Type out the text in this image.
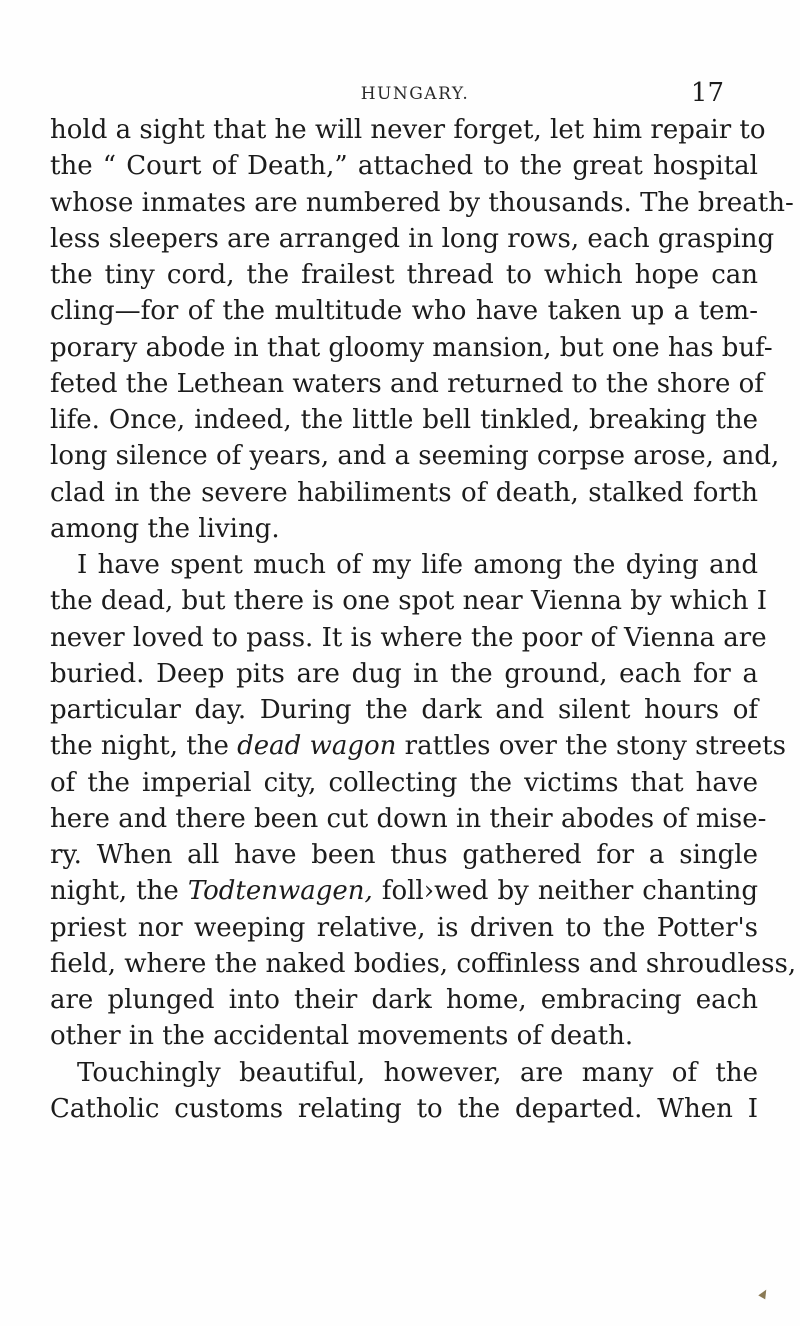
HUNGARY.	17
hold a sight that he will never forget, let him repair to
the “ Court of Death,” attached to the great hospital
whose inmates are numbered by thousands. The breath-
less sleepers are arranged in long rows, each grasping
the tiny cord, the frailest thread to which hope can
cling—for of the multitude who have taken up a tem-
porary abode in that gloomy mansion, but one has buf-
feted the Lethean waters and returned to the shore of
life. Once, indeed, the little bell tinkled, breaking the
long silence of years, and a seeming corpse arose, and,
clad in the severe habiliments of death, stalked forth
among the living.
I have spent much of my life among the dying and
the dead, but there is one spot near Vienna by which I
never loved to pass. It is where the poor of Vienna are
buried. Deep pits are dug in the ground, each for a
particular day. During the dark and silent hours of
the night, the dead wagon rattles over the stony streets
of the imperial city, collecting the victims that have
here and there been cut down in their abodes of mise-
ry. When all have been thus gathered for a single
night, the Todtenwagen, foll›wed by neither chanting
priest nor weeping relative, is driven to the Potter's
field, where the naked bodies, coffinless and shroudless,
are plunged into their dark home, embracing each
other in the accidental movements of death.
Touchingly beautiful, however, are many of the
Catholic customs relating to the departed. When I
